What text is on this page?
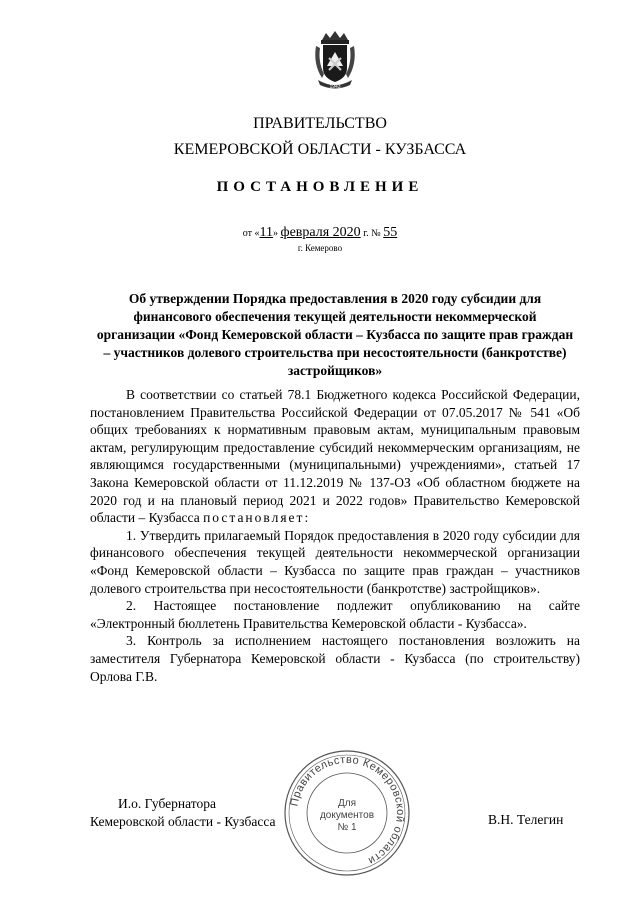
1943
ПРАВИТЕЛЬСТВО
КЕМЕРОВСКОЙ ОБЛАСТИ - КУЗБАССА
ПОСТАНОВЛЕНИЕ
от «11» февраля 2020 г. № 55
г. Кемерово
Об утверждении Порядка предоставления в 2020 году субсидии для финансового обеспечения текущей деятельности некоммерческой организации «Фонд Кемеровской области – Кузбасса по защите прав граждан – участников долевого строительства при несостоятельности (банкротстве) застройщиков»

В соответствии со статьей 78.1 Бюджетного кодекса Российской Федерации, постановлением Правительства Российской Федерации от 07.05.2017 № 541 «Об общих требованиях к нормативным правовым актам, муниципальным правовым актам, регулирующим предоставление субсидий некоммерческим организациям, не являющимся государственными (муниципальными) учреждениями», статьей 17 Закона Кемеровской области от 11.12.2019 № 137-ОЗ «Об областном бюджете на 2020 год и на плановый период 2021 и 2022 годов» Правительство Кемеровской области – Кузбасса постановляет:

1. Утвердить прилагаемый Порядок предоставления в 2020 году субсидии для финансового обеспечения текущей деятельности некоммерческой организации «Фонд Кемеровской области – Кузбасса по защите прав граждан – участников долевого строительства при несостоятельности (банкротстве) застройщиков».

2. Настоящее постановление подлежит опубликованию на сайте «Электронный бюллетень Правительства Кемеровской области - Кузбасса».

3. Контроль за исполнением настоящего постановления возложить на заместителя Губернатора Кемеровской области - Кузбасса (по строительству) Орлова Г.В.

И.о. Губернатора
Кемеровской области - Кузбасса	В.Н. Телегин
Правительство Кемеровской области
Для
документов
№ 1
